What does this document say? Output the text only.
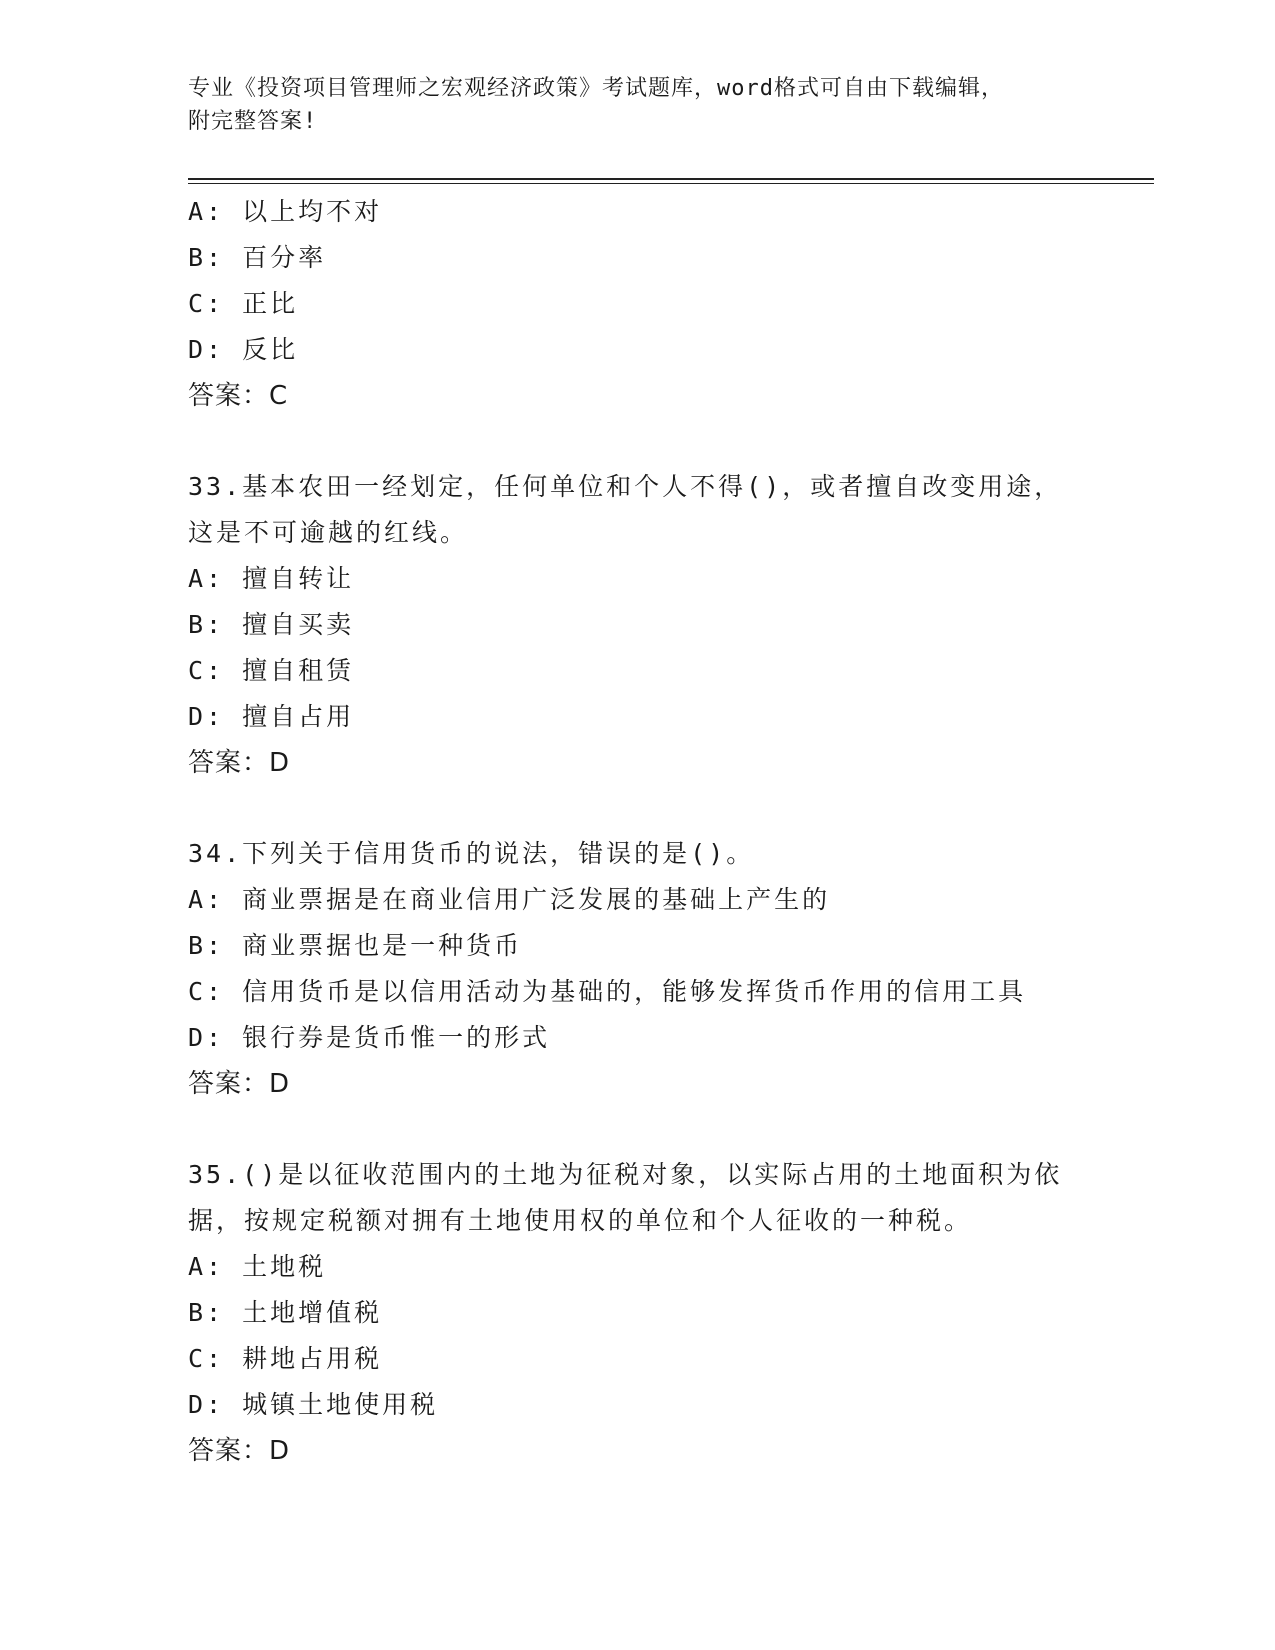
专业《投资项目管理师之宏观经济政策》考试题库，word格式可自由下载编辑，
附完整答案!
A: 以上均不对
B: 百分率
C: 正比
D: 反比
答案：C
33.基本农田一经划定，任何单位和个人不得()，或者擅自改变用途，
这是不可逾越的红线。
A: 擅自转让
B: 擅自买卖
C: 擅自租赁
D: 擅自占用
答案：D
34.下列关于信用货币的说法，错误的是()。
A: 商业票据是在商业信用广泛发展的基础上产生的
B: 商业票据也是一种货币
C: 信用货币是以信用活动为基础的，能够发挥货币作用的信用工具
D: 银行券是货币惟一的形式
答案：D
35.()是以征收范围内的土地为征税对象，以实际占用的土地面积为依
据，按规定税额对拥有土地使用权的单位和个人征收的一种税。
A: 土地税
B: 土地增值税
C: 耕地占用税
D: 城镇土地使用税
答案：D
